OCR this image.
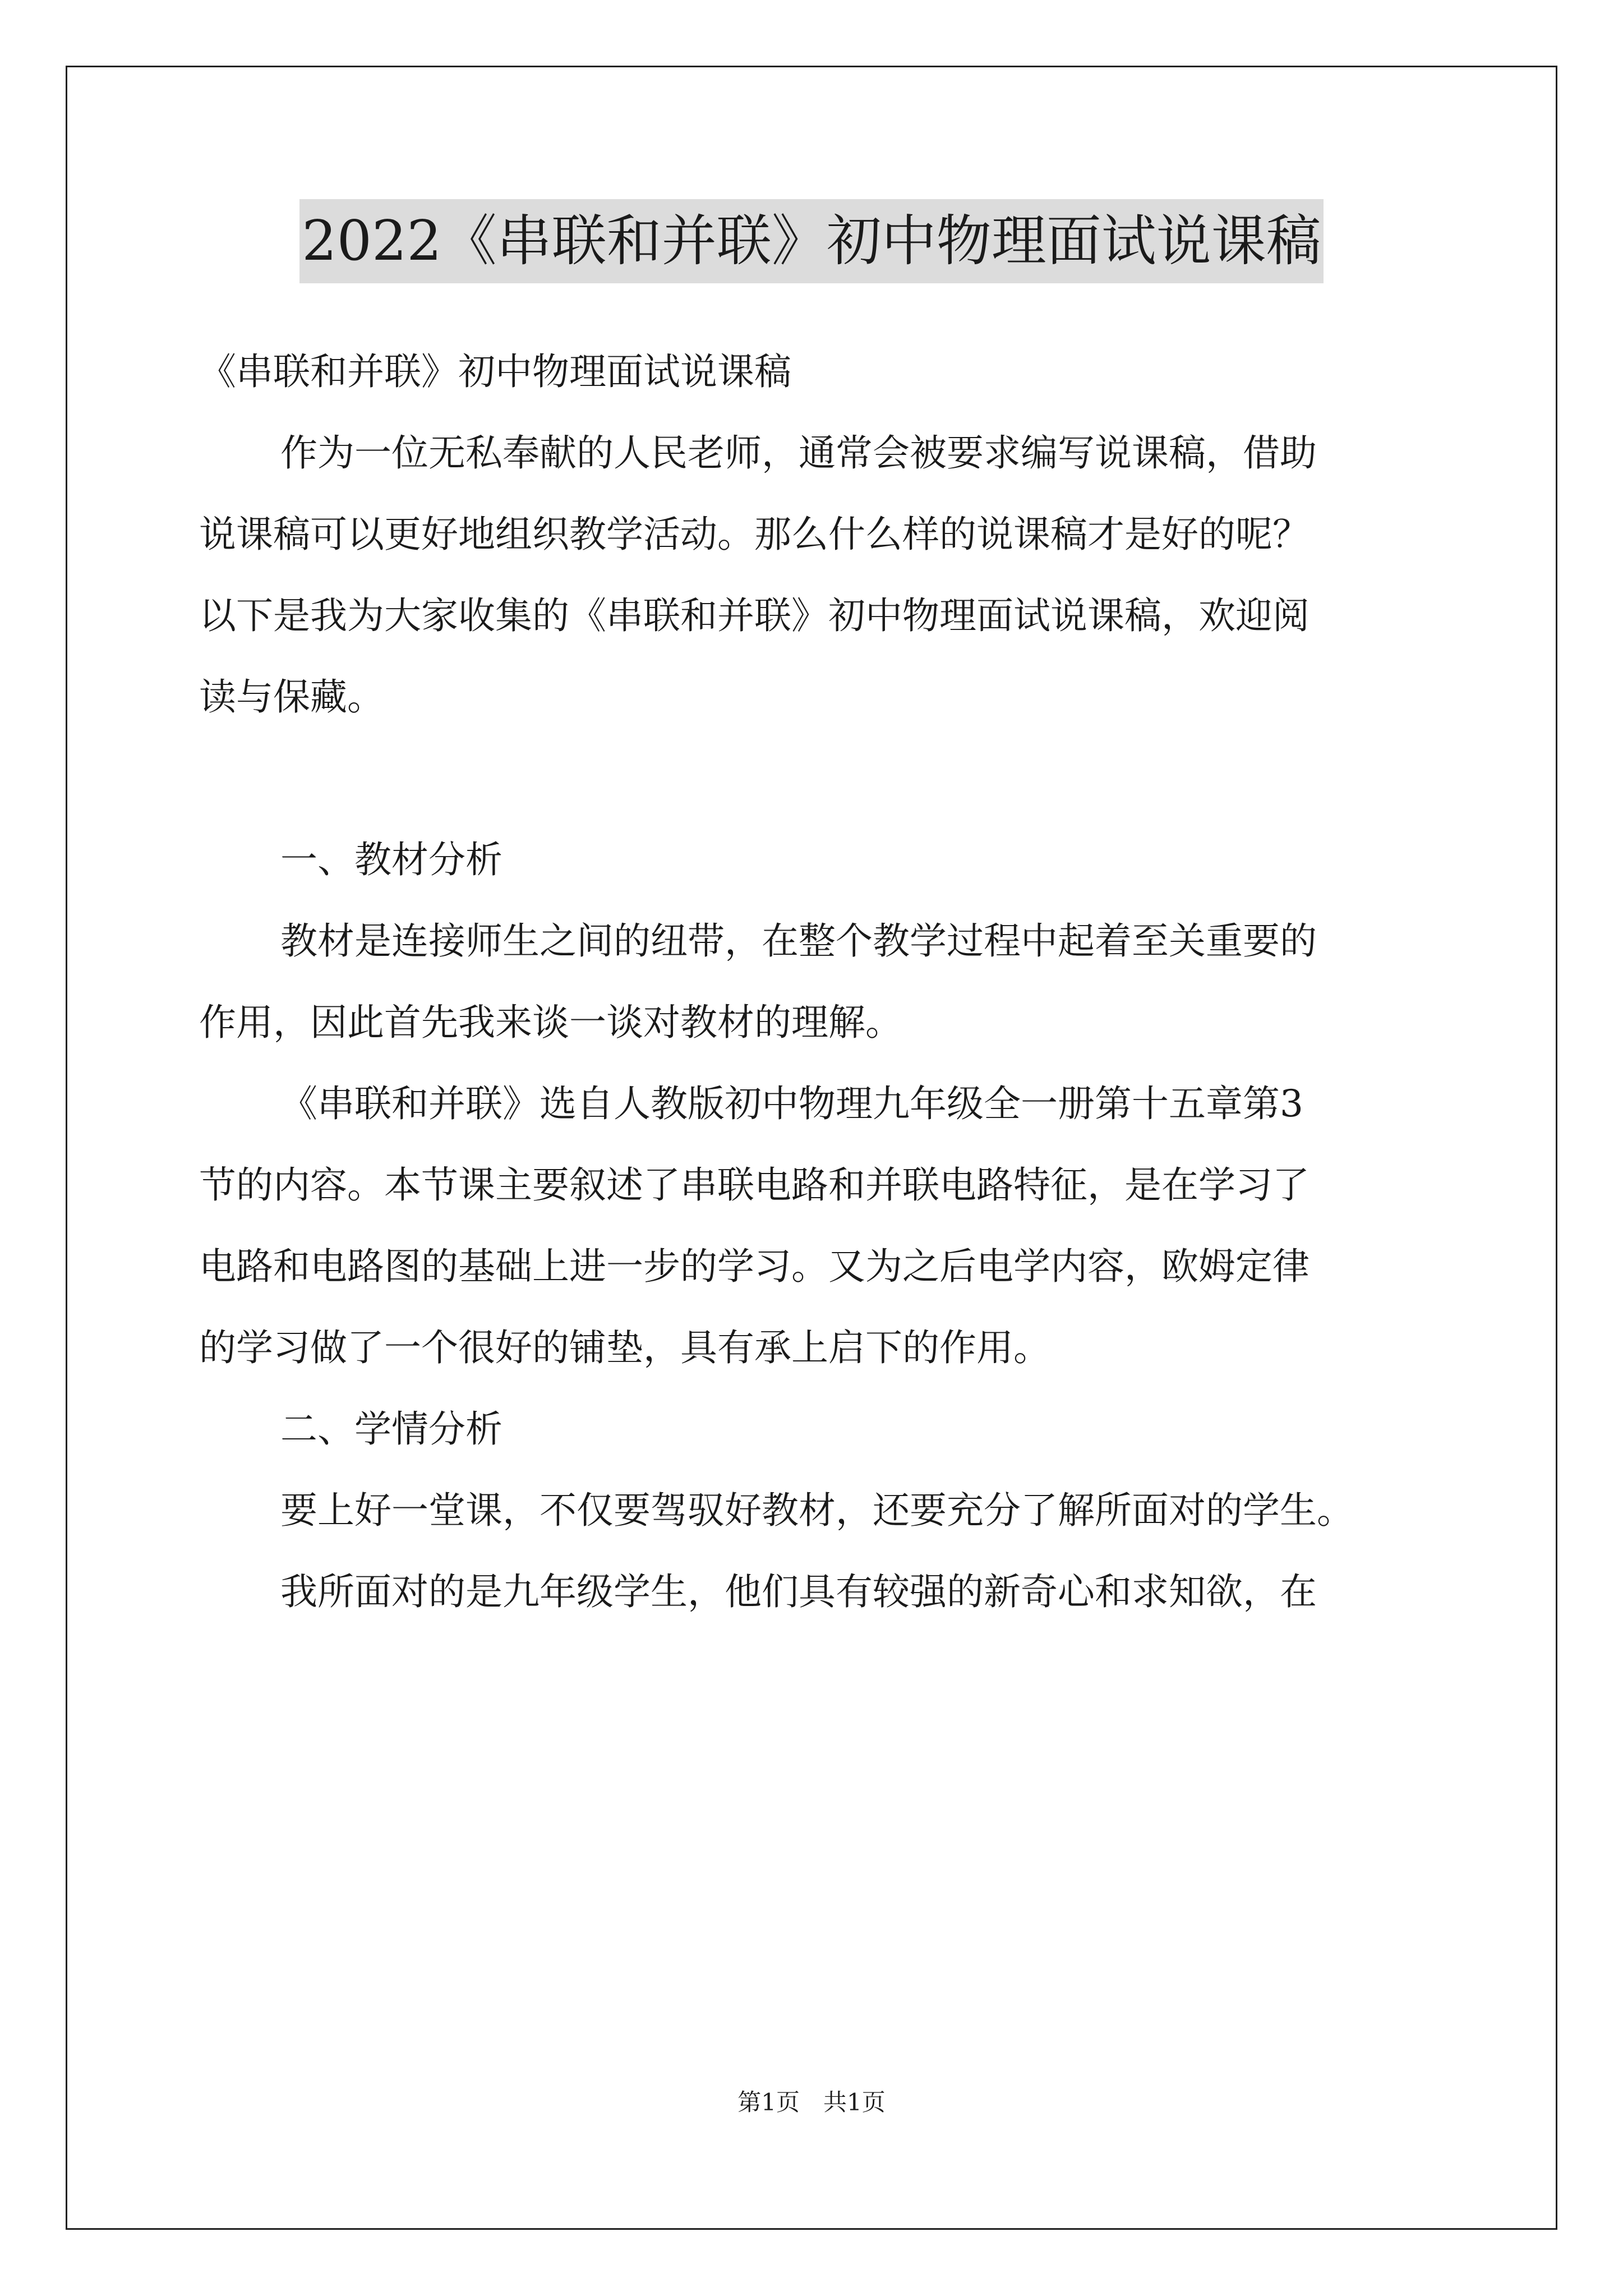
2022《串联和并联》初中物理面试说课稿

《串联和并联》初中物理面试说课稿

作为一位无私奉献的人民老师，通常会被要求编写说课稿，借助

说课稿可以更好地组织教学活动。那么什么样的说课稿才是好的呢？

以下是我为大家收集的《串联和并联》初中物理面试说课稿，欢迎阅

读与保藏。

一、教材分析

教材是连接师生之间的纽带，在整个教学过程中起着至关重要的

作用，因此首先我来谈一谈对教材的理解。

《串联和并联》选自人教版初中物理九年级全一册第十五章第3

节的内容。本节课主要叙述了串联电路和并联电路特征，是在学习了

电路和电路图的基础上进一步的学习。又为之后电学内容，欧姆定律

的学习做了一个很好的铺垫，具有承上启下的作用。

二、学情分析

要上好一堂课，不仅要驾驭好教材，还要充分了解所面对的学生。

我所面对的是九年级学生，他们具有较强的新奇心和求知欲，在

第1页　共1页
